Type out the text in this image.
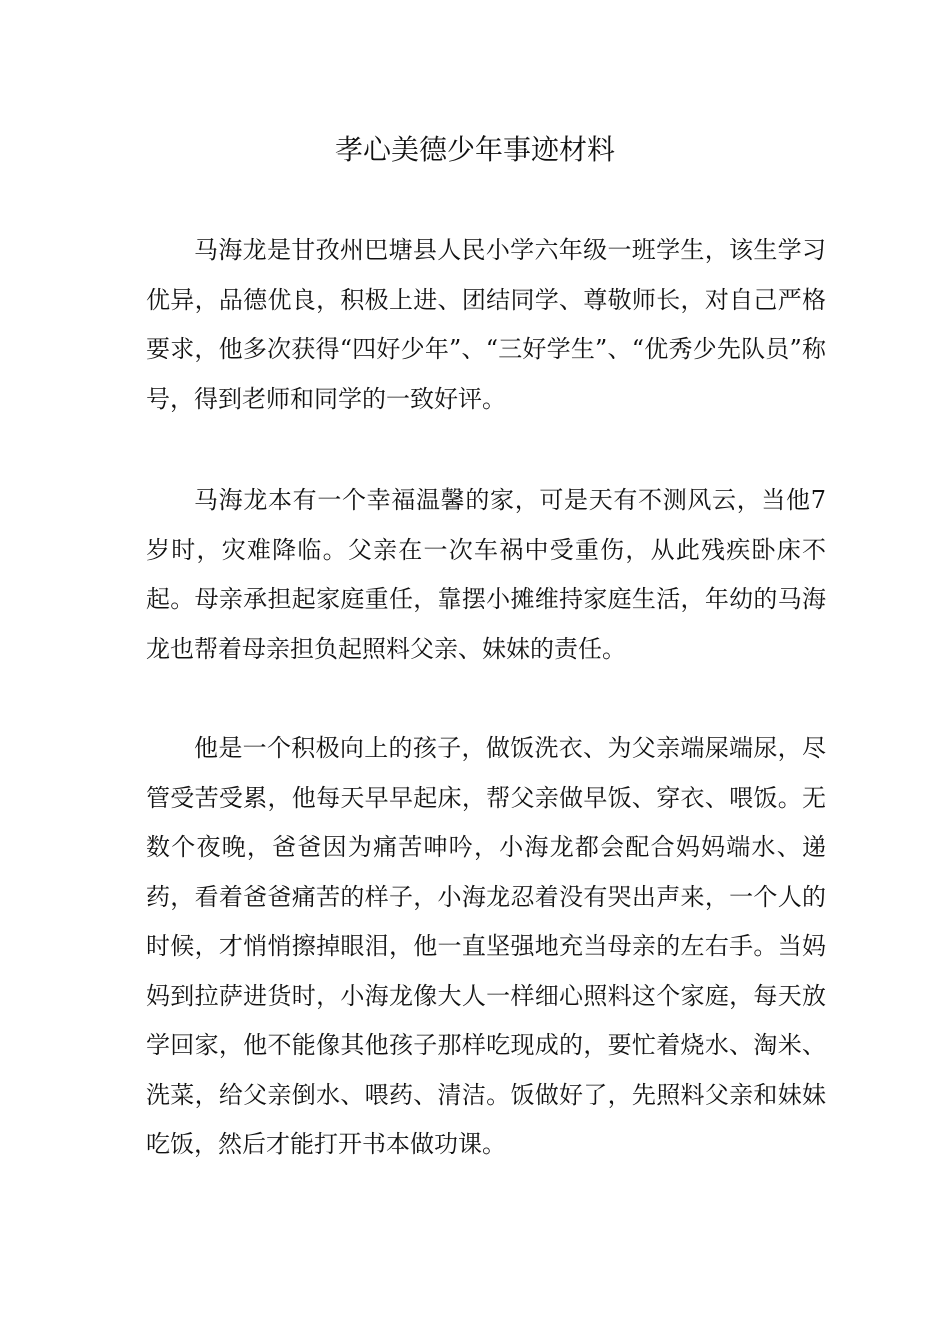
孝心美德少年事迹材料

马海龙是甘孜州巴塘县人民小学六年级一班学生，该生学习优异，品德优良，积极上进、团结同学、尊敬师长，对自己严格要求，他多次获得“四好少年”、“三好学生”、“优秀少先队员”称号，得到老师和同学的一致好评。

马海龙本有一个幸福温馨的家，可是天有不测风云，当他7岁时，灾难降临。父亲在一次车祸中受重伤，从此残疾卧床不起。母亲承担起家庭重任，靠摆小摊维持家庭生活，年幼的马海龙也帮着母亲担负起照料父亲、妹妹的责任。

他是一个积极向上的孩子，做饭洗衣、为父亲端屎端尿，尽管受苦受累，他每天早早起床，帮父亲做早饭、穿衣、喂饭。无数个夜晚，爸爸因为痛苦呻吟，小海龙都会配合妈妈端水、递药，看着爸爸痛苦的样子，小海龙忍着没有哭出声来，一个人的时候，才悄悄擦掉眼泪，他一直坚强地充当母亲的左右手。当妈妈到拉萨进货时，小海龙像大人一样细心照料这个家庭，每天放学回家，他不能像其他孩子那样吃现成的，要忙着烧水、淘米、洗菜，给父亲倒水、喂药、清洁。饭做好了，先照料父亲和妹妹吃饭，然后才能打开书本做功课。
